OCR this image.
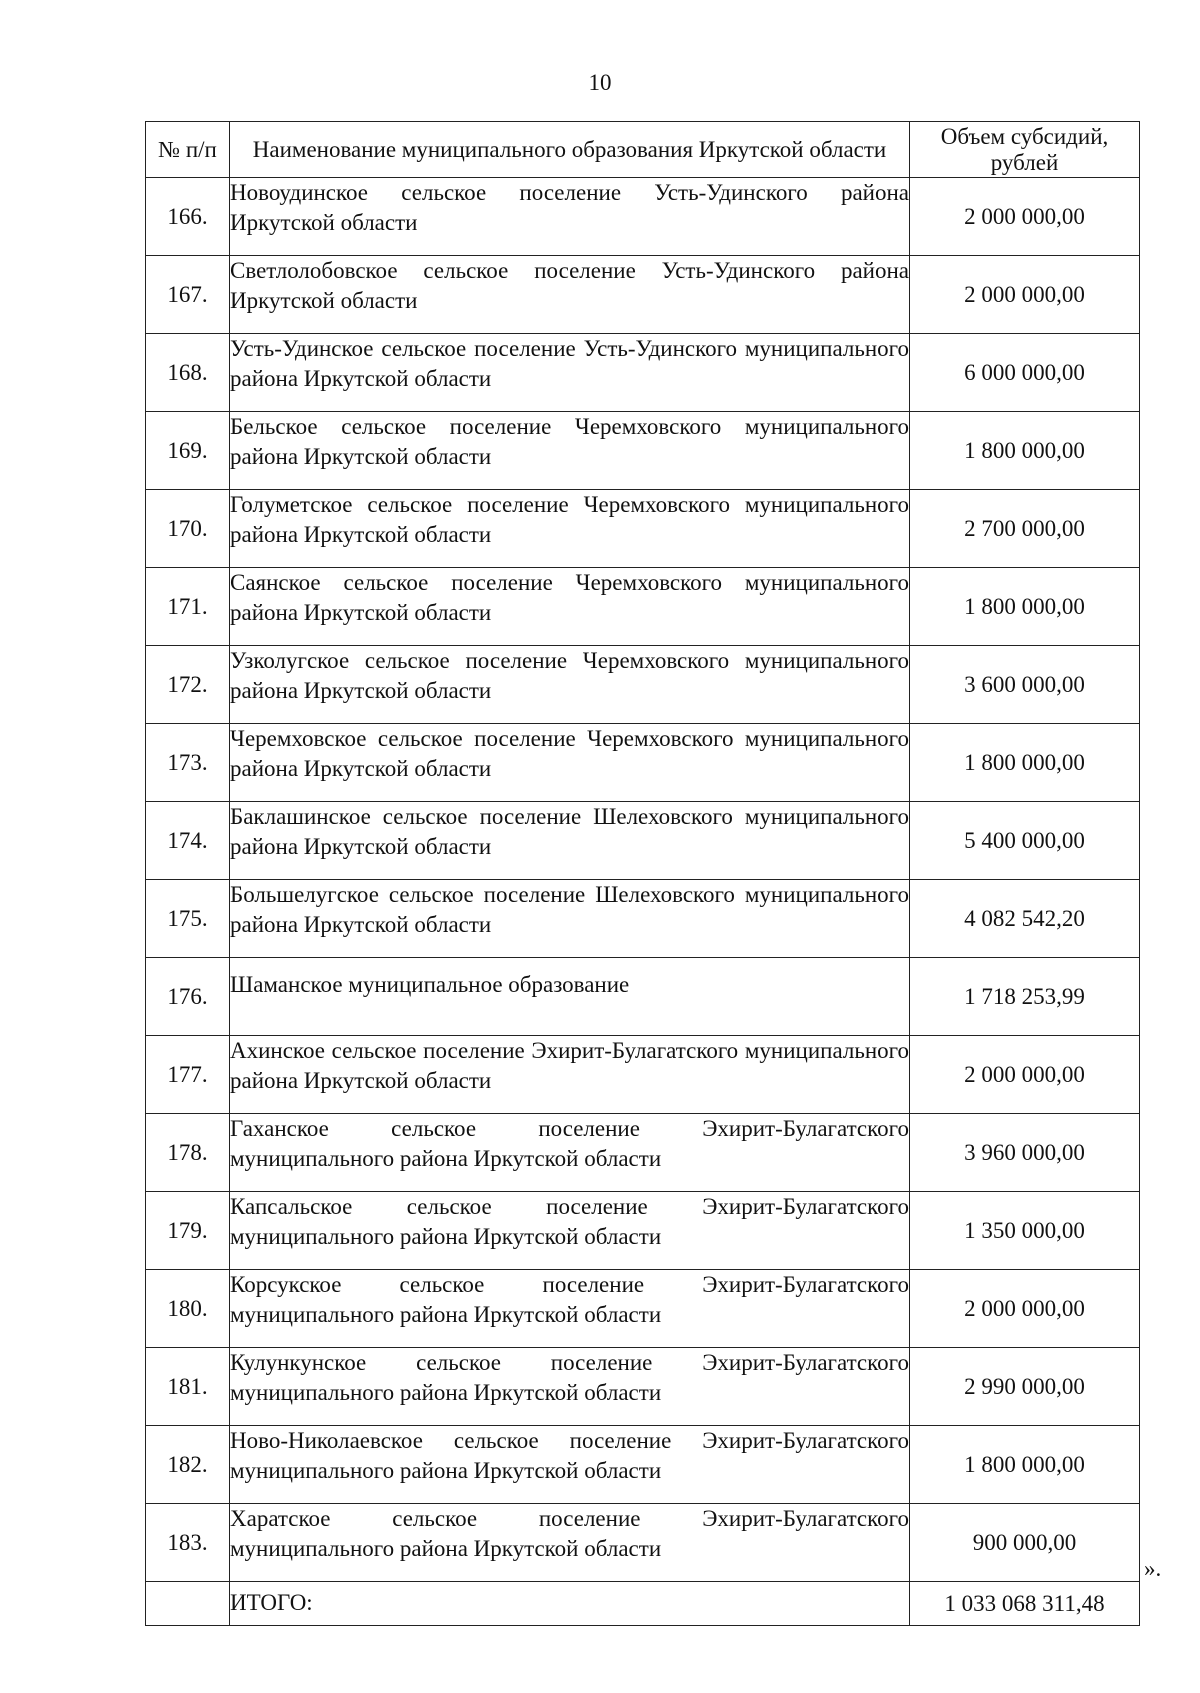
10
№ п/п	Наименование муниципального образования Иркутской области	Объем субсидий, рублей
166.	Новоудинское сельское поселение Усть-Удинского района Иркутской области	2 000 000,00
167.	Светлолобовское сельское поселение Усть-Удинского района Иркутской области	2 000 000,00
168.	Усть-Удинское сельское поселение Усть-Удинского муниципального района Иркутской области	6 000 000,00
169.	Бельское сельское поселение Черемховского муниципального района Иркутской области	1 800 000,00
170.	Голуметское сельское поселение Черемховского муниципального района Иркутской области	2 700 000,00
171.	Саянское сельское поселение Черемховского муниципального района Иркутской области	1 800 000,00
172.	Узколугское сельское поселение Черемховского муниципального района Иркутской области	3 600 000,00
173.	Черемховское сельское поселение Черемховского муниципального района Иркутской области	1 800 000,00
174.	Баклашинское сельское поселение Шелеховского муниципального района Иркутской области	5 400 000,00
175.	Большелугское сельское поселение Шелеховского муниципального района Иркутской области	4 082 542,20
176.	Шаманское муниципальное образование	1 718 253,99
177.	Ахинское сельское поселение Эхирит-Булагатского муниципального района Иркутской области	2 000 000,00
178.	Гаханское сельское поселение Эхирит-Булагатского муниципального района Иркутской области	3 960 000,00
179.	Капсальское сельское поселение Эхирит-Булагатского муниципального района Иркутской области	1 350 000,00
180.	Корсукское сельское поселение Эхирит-Булагатского муниципального района Иркутской области	2 000 000,00
181.	Кулункунское сельское поселение Эхирит-Булагатского муниципального района Иркутской области	2 990 000,00
182.	Ново-Николаевское сельское поселение Эхирит-Булагатского муниципального района Иркутской области	1 800 000,00
183.	Харатское сельское поселение Эхирит-Булагатского муниципального района Иркутской области	900 000,00
	ИТОГО:	1 033 068 311,48
».
